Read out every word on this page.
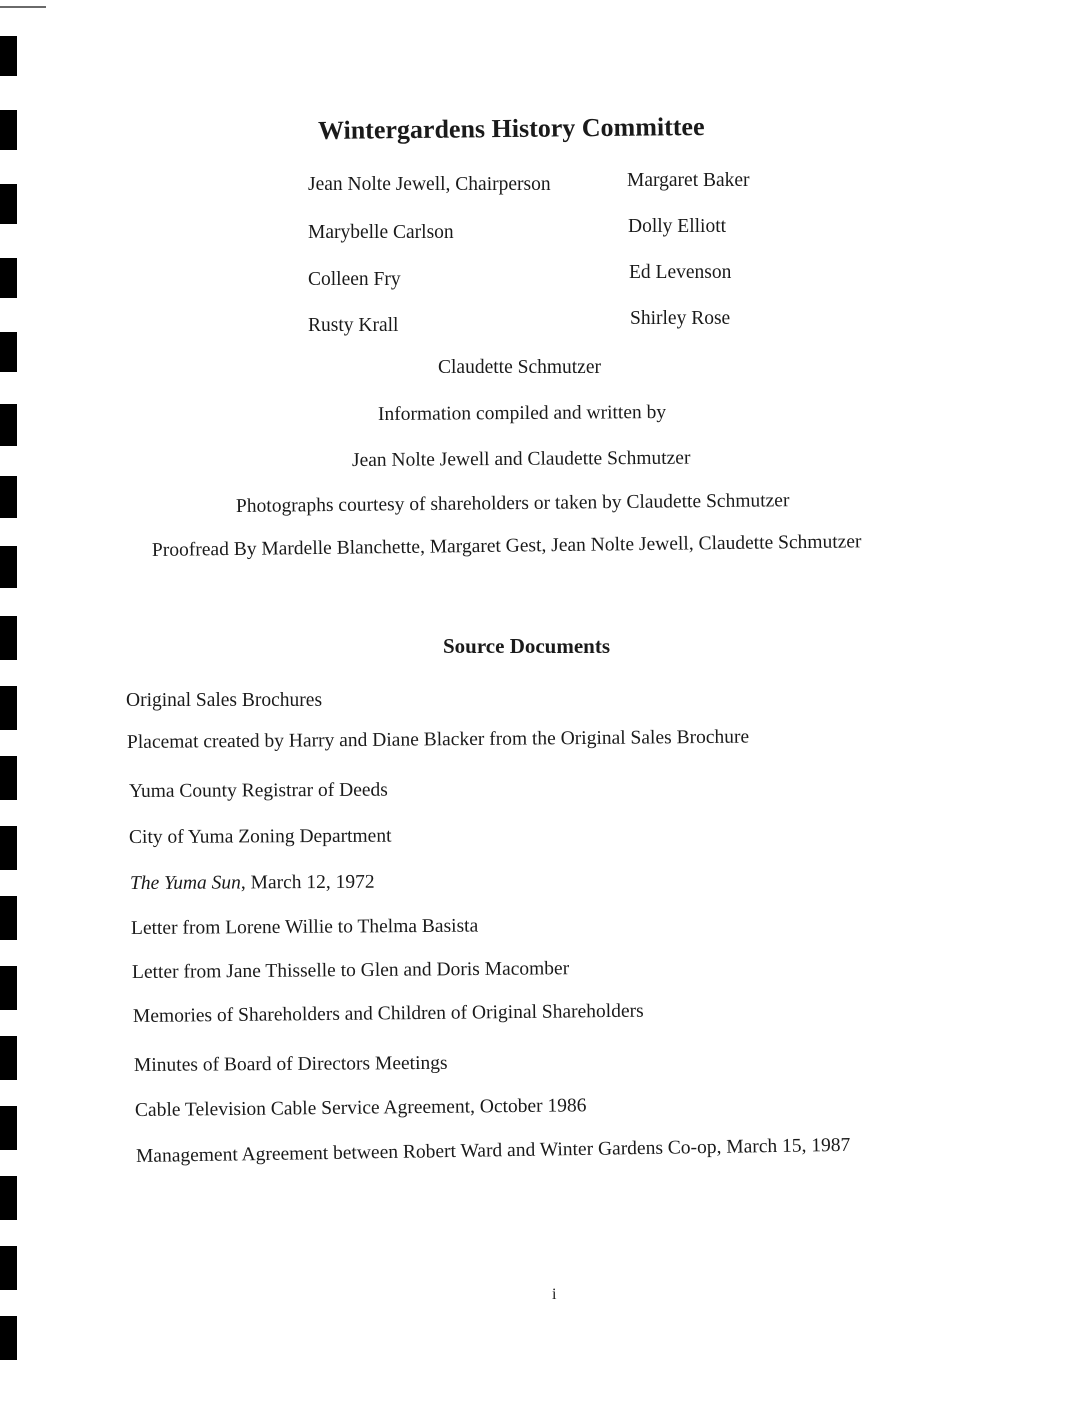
Wintergardens History Committee
Jean Nolte Jewell, Chairperson
Marybelle Carlson
Colleen Fry
Rusty Krall
Margaret Baker
Dolly Elliott
Ed Levenson
Shirley Rose
Claudette Schmutzer
Information compiled and written by
Jean Nolte Jewell and Claudette Schmutzer
Photographs courtesy of shareholders or taken by Claudette Schmutzer
Proofread By Mardelle Blanchette, Margaret Gest, Jean Nolte Jewell, Claudette Schmutzer
Source Documents
Original Sales Brochures
Placemat created by Harry and Diane Blacker from the Original Sales Brochure
Yuma County Registrar of Deeds
City of Yuma Zoning Department
The Yuma Sun, March 12, 1972
Letter from Lorene Willie to Thelma Basista
Letter from Jane Thisselle to Glen and Doris Macomber
Memories of Shareholders and Children of Original Shareholders
Minutes of Board of Directors Meetings
Cable Television Cable Service Agreement, October 1986
Management Agreement between Robert Ward and Winter Gardens Co-op, March 15, 1987
i
